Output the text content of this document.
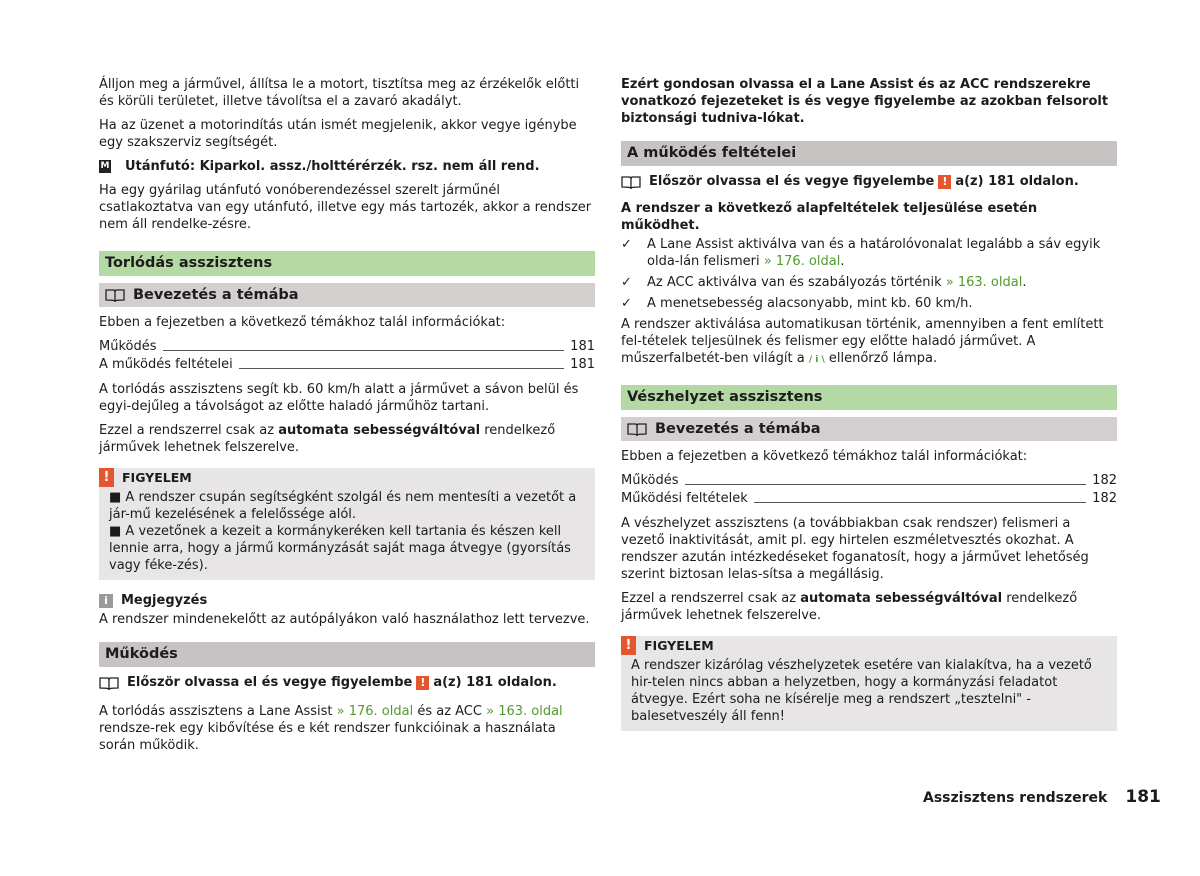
Álljon meg a járművel, állítsa le a motort, tisztítsa meg az érzékelők előtti és körüli területet, illetve távolítsa el a zavaró akadályt.

Ha az üzenet a motorindítás után ismét megjelenik, akkor vegye igénybe egy szakszerviz segítségét.

M Utánfutó: Kiparkol. assz./holttérérzék. rsz. nem áll rend.

Ha egy gyárilag utánfutó vonóberendezéssel szerelt járműnél csatlakoztatva van egy utánfutó, illetve egy más tartozék, akkor a rendszer nem áll rendelke-zésre.

Torlódás asszisztens
Bevezetés a témába

Ebben a fejezetben a következő témákhoz talál információkat:

Működés	181
A működés feltételei	181

A torlódás asszisztens segít kb. 60 km/h alatt a járművet a sávon belül és egyi-dejűleg a távolságot az előtte haladó járműhöz tartani.

Ezzel a rendszerrel csak az automata sebességváltóval rendelkező járművek lehetnek felszerelve.

!	FIGYELEM
■ A rendszer csupán segítségként szolgál és nem mentesíti a vezetőt a jár-mű kezelésének a felelőssége alól.
■ A vezetőnek a kezeit a kormánykeréken kell tartania és készen kell lennie arra, hogy a jármű kormányzását saját maga átvegye (gyorsítás vagy féke-zés).
i	Megjegyzés

A rendszer mindenekelőtt az autópályákon való használathoz lett tervezve.

Működés
Először olvassa el és vegye figyelembe ! a(z) 181 oldalon.

A torlódás asszisztens a Lane Assist » 176. oldal és az ACC » 163. oldal rendsze-rek egy kibővítése és e két rendszer funkcióinak a használata során működik.

Ezért gondosan olvassa el a Lane Assist és az ACC rendszerekre vonatkozó fejezeteket is és vegye figyelembe az azokban felsorolt biztonsági tudniva-lókat.

A működés feltételei
Először olvassa el és vegye figyelembe ! a(z) 181 oldalon.

A rendszer a következő alapfeltételek teljesülése esetén működhet.

✓	A Lane Assist aktiválva van és a határolóvonalat legalább a sáv egyik olda-lán felismeri » 176. oldal.
✓	Az ACC aktiválva van és szabályozás történik » 163. oldal.
✓	A menetsebesség alacsonyabb, mint kb. 60 km/h.

A rendszer aktiválása automatikusan történik, amennyiben a fent említett fel-tételek teljesülnek és felismer egy előtte haladó járművet. A műszerfalbetét-ben világít a / i \ ellenőrző lámpa.

Vészhelyzet asszisztens
Bevezetés a témába

Ebben a fejezetben a következő témákhoz talál információkat:

Működés	182
Működési feltételek	182

A vészhelyzet asszisztens (a továbbiakban csak rendszer) felismeri a vezető inaktivitását, amit pl. egy hirtelen eszméletvesztés okozhat. A rendszer azután intézkedéseket foganatosít, hogy a járművet lehetőség szerint biztosan lelas-sítsa a megállásig.

Ezzel a rendszerrel csak az automata sebességváltóval rendelkező járművek lehetnek felszerelve.

!	FIGYELEM
A rendszer kizárólag vészhelyzetek esetére van kialakítva, ha a vezető hir-telen nincs abban a helyzetben, hogy a kormányzási feladatot átvegye. Ezért soha ne kísérelje meg a rendszert „tesztelni" - balesetveszély áll fenn!
Asszisztens rendszerek 181
